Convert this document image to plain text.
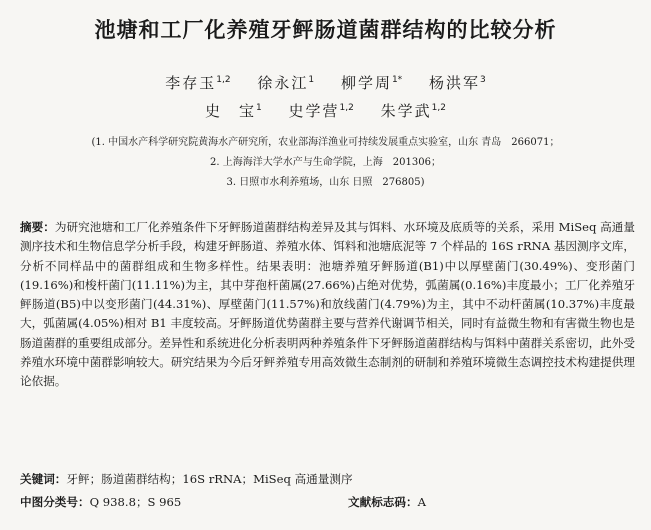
池塘和工厂化养殖牙鲆肠道菌群结构的比较分析
李存玉$^{1,2}$ 徐永江$^1$ 柳学周$^{1*}$ 杨洪军$^3$
史　宝$^1$ 史学营$^{1,2}$ 朱学武$^{1,2}$
(1. 中国水产科学研究院黄海水产研究所，农业部海洋渔业可持续发展重点实验室，山东 青岛　266071；
2. 上海海洋大学水产与生命学院，上海　201306；
3. 日照市水利养殖场，山东 日照　276805)
摘要：为研究池塘和工厂化养殖条件下牙鲆肠道菌群结构差异及其与饵料、水环境及底质等的关系，采用 MiSeq 高通量测序技术和生物信息学分析手段，构建牙鲆肠道、养殖水体、饵料和池塘底泥等 7 个样品的 16S rRNA 基因测序文库，分析不同样品中的菌群组成和生物多样性。结果表明：池塘养殖牙鲆肠道(B1)中以厚壁菌门(30.49%)、变形菌门(19.16%)和梭杆菌门(11.11%)为主，其中芽孢杆菌属(27.66%)占绝对优势，弧菌属(0.16%)丰度最小；工厂化养殖牙鲆肠道(B5)中以变形菌门(44.31%)、厚壁菌门(11.57%)和放线菌门(4.79%)为主，其中不动杆菌属(10.37%)丰度最大，弧菌属(4.05%)相对 B1 丰度较高。牙鲆肠道优势菌群主要与营养代谢调节相关，同时有益微生物和有害微生物也是肠道菌群的重要组成部分。差异性和系统进化分析表明两种养殖条件下牙鲆肠道菌群结构与饵料中菌群关系密切，此外受养殖水环境中菌群影响较大。研究结果为今后牙鲆养殖专用高效微生态制剂的研制和养殖环境微生态调控技术构建提供理论依据。
关键词：牙鲆；肠道菌群结构；16S rRNA；MiSeq 高通量测序
中图分类号：Q 938.8；S 965	文献标志码：A
